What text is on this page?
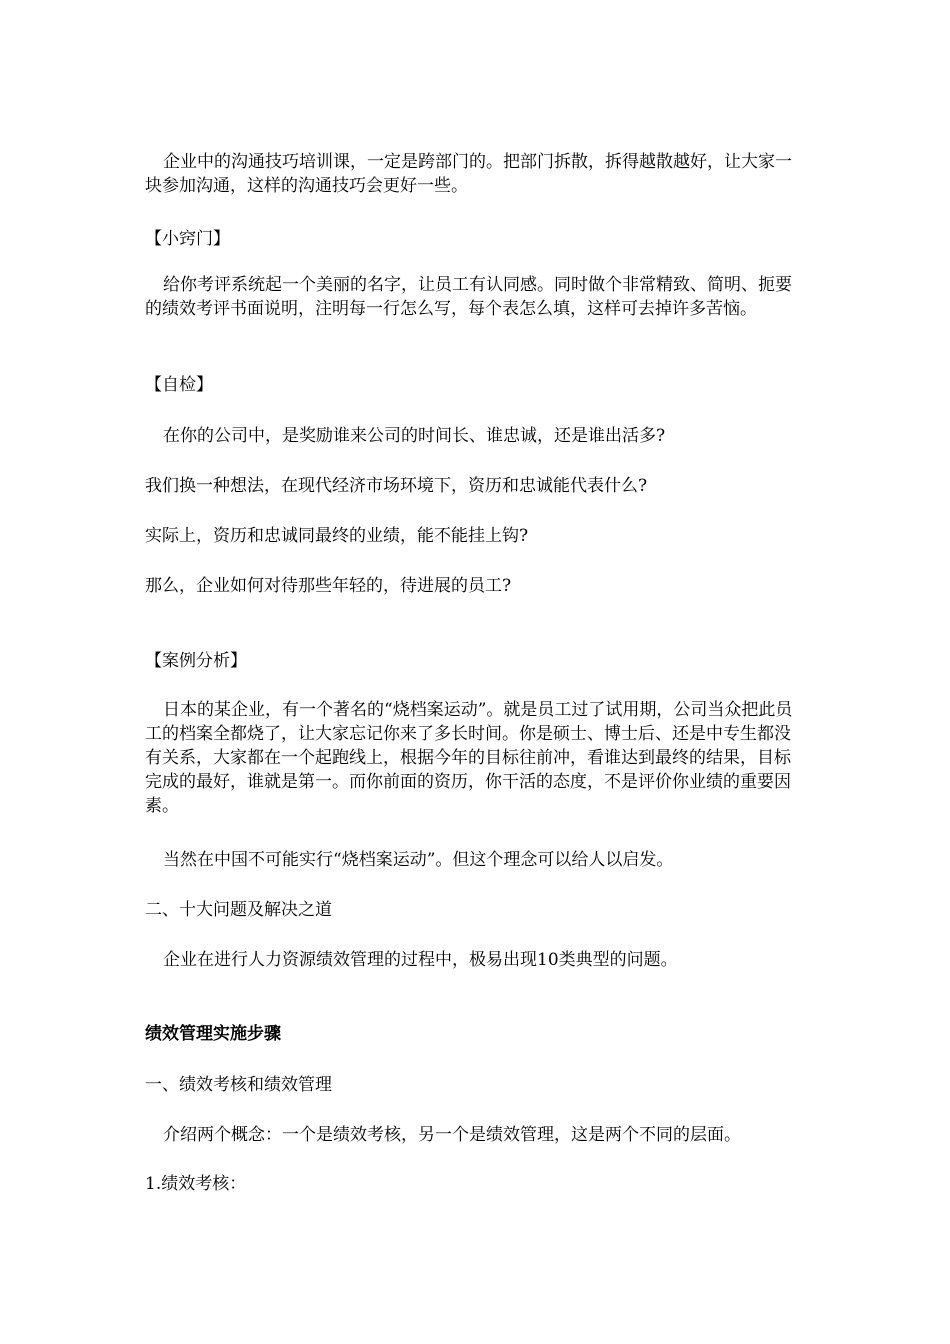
企业中的沟通技巧培训课，一定是跨部门的。把部门拆散，拆得越散越好，让大家一块参加沟通，这样的沟通技巧会更好一些。

【小窍门】

给你考评系统起一个美丽的名字，让员工有认同感。同时做个非常精致、简明、扼要的绩效考评书面说明，注明每一行怎么写，每个表怎么填，这样可去掉许多苦恼。

【自检】

在你的公司中，是奖励谁来公司的时间长、谁忠诚，还是谁出活多?

我们换一种想法，在现代经济市场环境下，资历和忠诚能代表什么?

实际上，资历和忠诚同最终的业绩，能不能挂上钩?

那么，企业如何对待那些年轻的，待进展的员工?

【案例分析】

日本的某企业，有一个著名的“烧档案运动”。就是员工过了试用期，公司当众把此员工的档案全都烧了，让大家忘记你来了多长时间。你是硕士、博士后、还是中专生都没有关系，大家都在一个起跑线上，根据今年的目标往前冲，看谁达到最终的结果，目标完成的最好，谁就是第一。而你前面的资历，你干活的态度，不是评价你业绩的重要因素。

当然在中国不可能实行“烧档案运动”。但这个理念可以给人以启发。

二、十大问题及解决之道

企业在进行人力资源绩效管理的过程中，极易出现10类典型的问题。

绩效管理实施步骤

一、绩效考核和绩效管理

介绍两个概念：一个是绩效考核，另一个是绩效管理，这是两个不同的层面。

1.绩效考核：
